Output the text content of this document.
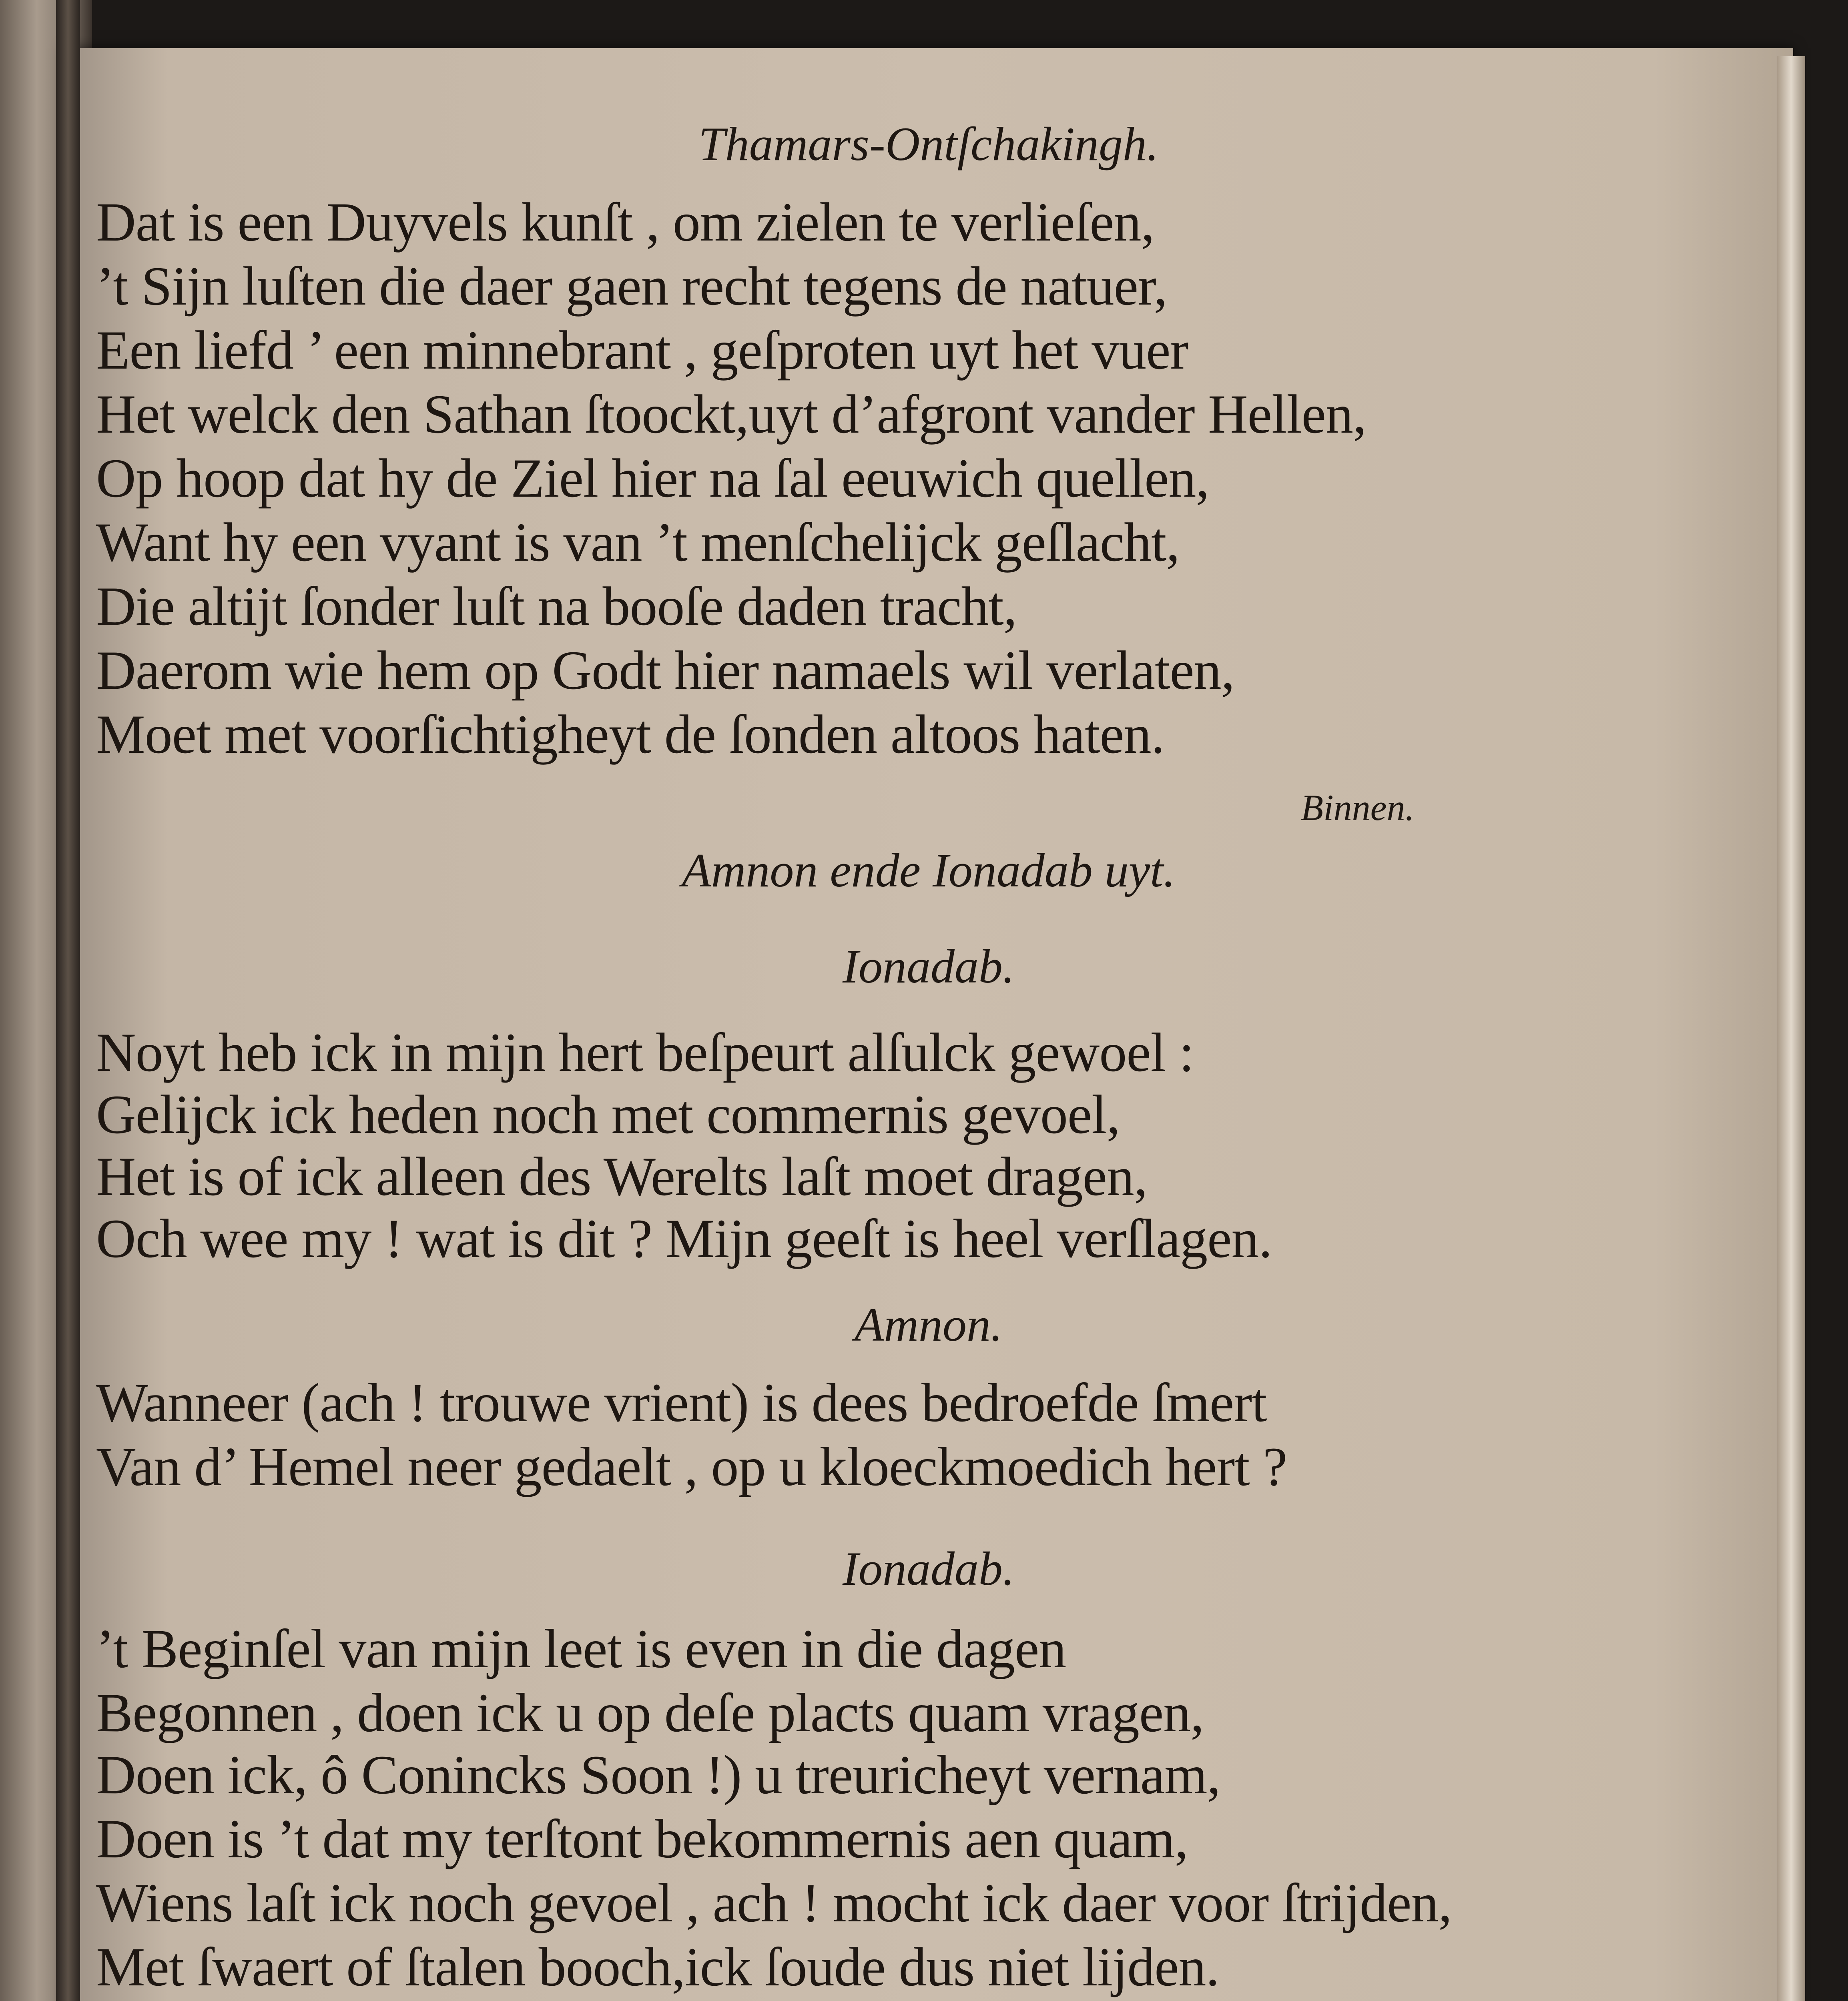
Thamars-Ontſchakingh.
Dat is een Duyvels kunſt , om zielen te verlieſen,
’t Sijn luſten die daer gaen recht tegens de natuer,
Een liefd ’ een minnebrant , geſproten uyt het vuer
Het welck den Sathan ſtoockt,uyt d’afgront vander Hellen,
Op hoop dat hy de Ziel hier na ſal eeuwich quellen,
Want hy een vyant is van ’t menſchelijck geſlacht,
Die altijt ſonder luſt na booſe daden tracht,
Daerom wie hem op Godt hier namaels wil verlaten,
Moet met voorſichtigheyt de ſonden altoos haten.
Binnen.
Amnon ende Ionadab uyt.
Ionadab.
Noyt heb ick in mijn hert beſpeurt alſulck gewoel :
Gelijck ick heden noch met commernis gevoel,
Het is of ick alleen des Werelts laſt moet dragen,
Och wee my ! wat is dit ? Mijn geeſt is heel verſlagen.
Amnon.
Wanneer (ach ! trouwe vrient) is dees bedroefde ſmert
Van d’ Hemel neer gedaelt , op u kloeckmoedich hert ?
Ionadab.
’t Beginſel van mijn leet is even in die dagen
Begonnen , doen ick u op deſe placts quam vragen,
Doen ick, ô Conincks Soon !) u treuricheyt vernam,
Doen is ’t dat my terſtont bekommernis aen quam,
Wiens laſt ick noch gevoel , ach ! mocht ick daer voor ſtrijden,
Met ſwaert of ſtalen booch,ick ſoude dus niet lijden.
